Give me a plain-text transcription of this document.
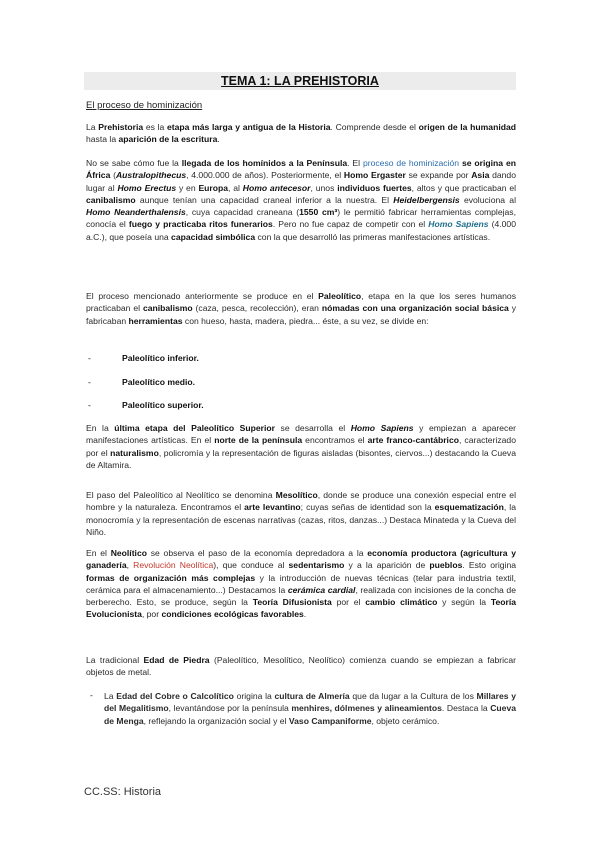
TEMA 1: LA PREHISTORIA
El proceso de hominización

La Prehistoria es la etapa más larga y antigua de la Historia. Comprende desde el origen de la humanidad hasta la aparición de la escritura.

No se sabe cómo fue la llegada de los homínidos a la Península. El proceso de hominización se origina en África (Australopithecus, 4.000.000 de años). Posteriormente, el Homo Ergaster se expande por Asia dando lugar al Homo Erectus y en Europa, al Homo antecesor, unos individuos fuertes, altos y que practicaban el canibalismo aunque tenían una capacidad craneal inferior a la nuestra. El Heidelbergensis evoluciona al Homo Neanderthalensis, cuya capacidad craneana (1550 cm³) le permitió fabricar herramientas complejas, conocía el fuego y practicaba ritos funerarios. Pero no fue capaz de competir con el Homo Sapiens (4.000 a.C.), que poseía una capacidad simbólica con la que desarrolló las primeras manifestaciones artísticas.

El proceso mencionado anteriormente se produce en el Paleolítico, etapa en la que los seres humanos practicaban el canibalismo (caza, pesca, recolección), eran nómadas con una organización social básica y fabricaban herramientas con hueso, hasta, madera, piedra... éste, a su vez, se divide en:

-	Paleolítico inferior.
-	Paleolítico medio.
-	Paleolítico superior.

En la última etapa del Paleolítico Superior se desarrolla el Homo Sapiens y empiezan a aparecer manifestaciones artísticas. En el norte de la península encontramos el arte franco-cantábrico, caracterizado por el naturalismo, policromía y la representación de figuras aisladas (bisontes, ciervos...) destacando la Cueva de Altamira.

El paso del Paleolítico al Neolítico se denomina Mesolítico, donde se produce una conexión especial entre el hombre y la naturaleza. Encontramos el arte levantino; cuyas señas de identidad son la esquematización, la monocromía y la representación de escenas narrativas (cazas, ritos, danzas...) Destaca Minateda y la Cueva del Niño.

En el Neolítico se observa el paso de la economía depredadora a la economía productora (agricultura y ganadería, Revolución Neolítica), que conduce al sedentarismo y a la aparición de pueblos. Esto origina formas de organización más complejas y la introducción de nuevas técnicas (telar para industria textil, cerámica para el almacenamiento...) Destacamos la cerámica cardial, realizada con incisiones de la concha de berberecho. Esto, se produce, según la Teoría Difusionista por el cambio climático y según la Teoría Evolucionista, por condiciones ecológicas favorables.

La tradicional Edad de Piedra (Paleolítico, Mesolítico, Neolítico) comienza cuando se empiezan a fabricar objetos de metal.

- La Edad del Cobre o Calcolítico origina la cultura de Almería que da lugar a la Cultura de los Millares y del Megalitismo, levantándose por la península menhires, dólmenes y alineamientos. Destaca la Cueva de Menga, reflejando la organización social y el Vaso Campaniforme, objeto cerámico.

CC.SS: Historia
